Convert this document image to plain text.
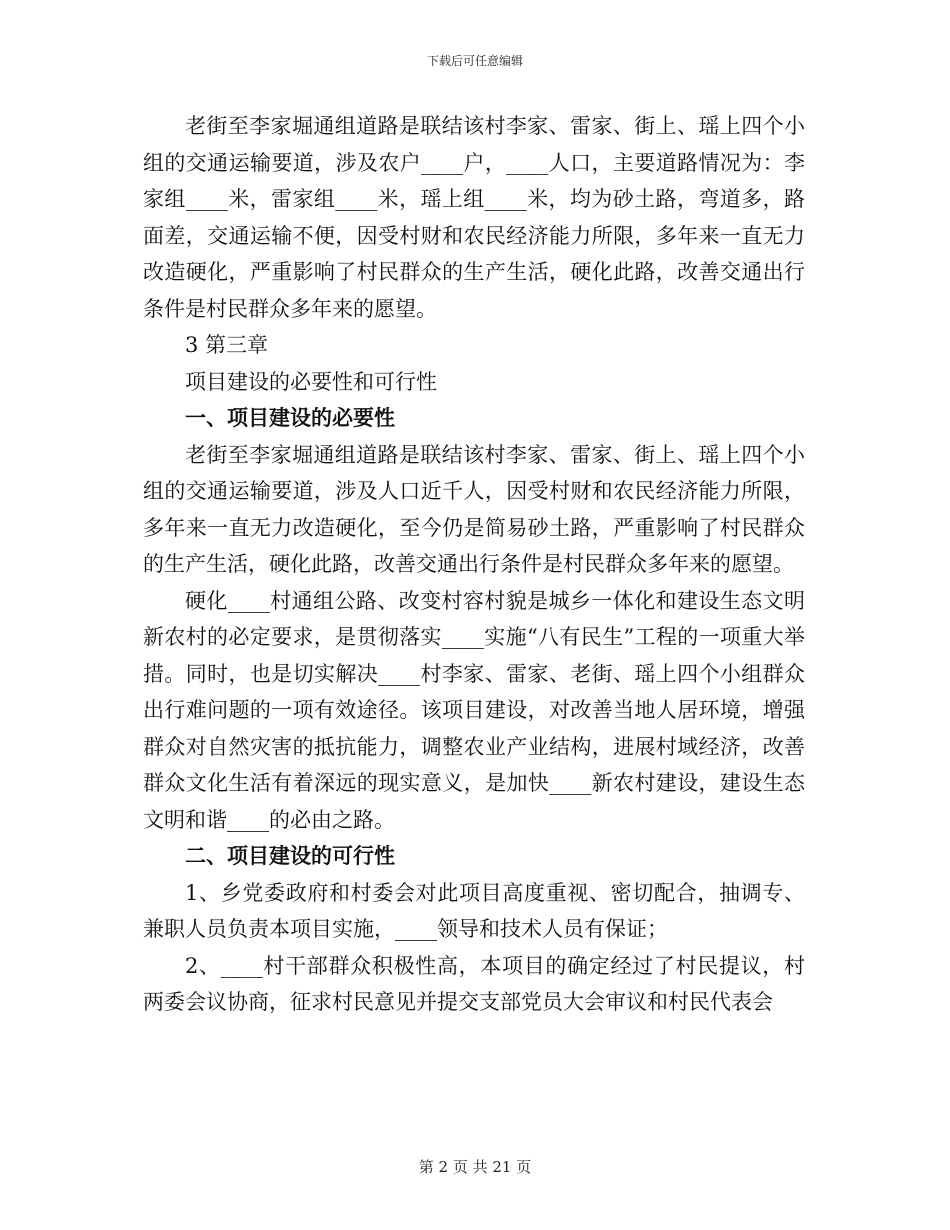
下载后可任意编辑

老街至李家堀通组道路是联结该村李家、雷家、街上、瑶上四个小组的交通运输要道，涉及农户____户，____人口，主要道路情况为：李家组____米，雷家组____米，瑶上组____米，均为砂土路，弯道多，路面差，交通运输不便，因受村财和农民经济能力所限，多年来一直无力改造硬化，严重影响了村民群众的生产生活，硬化此路，改善交通出行条件是村民群众多年来的愿望。

3 第三章

项目建设的必要性和可行性

一、项目建设的必要性

老街至李家堀通组道路是联结该村李家、雷家、街上、瑶上四个小组的交通运输要道，涉及人口近千人，因受村财和农民经济能力所限，多年来一直无力改造硬化，至今仍是简易砂土路，严重影响了村民群众的生产生活，硬化此路，改善交通出行条件是村民群众多年来的愿望。

硬化____村通组公路、改变村容村貌是城乡一体化和建设生态文明新农村的必定要求，是贯彻落实____实施“八有民生”工程的一项重大举措。同时，也是切实解决____村李家、雷家、老街、瑶上四个小组群众出行难问题的一项有效途径。该项目建设，对改善当地人居环境，增强群众对自然灾害的抵抗能力，调整农业产业结构，进展村域经济，改善群众文化生活有着深远的现实意义，是加快____新农村建设，建设生态文明和谐____的必由之路。

二、项目建设的可行性

1、乡党委政府和村委会对此项目高度重视、密切配合，抽调专、兼职人员负责本项目实施，____领导和技术人员有保证；

2、____村干部群众积极性高，本项目的确定经过了村民提议，村两委会议协商，征求村民意见并提交支部党员大会审议和村民代表会

第 2 页 共 21 页
